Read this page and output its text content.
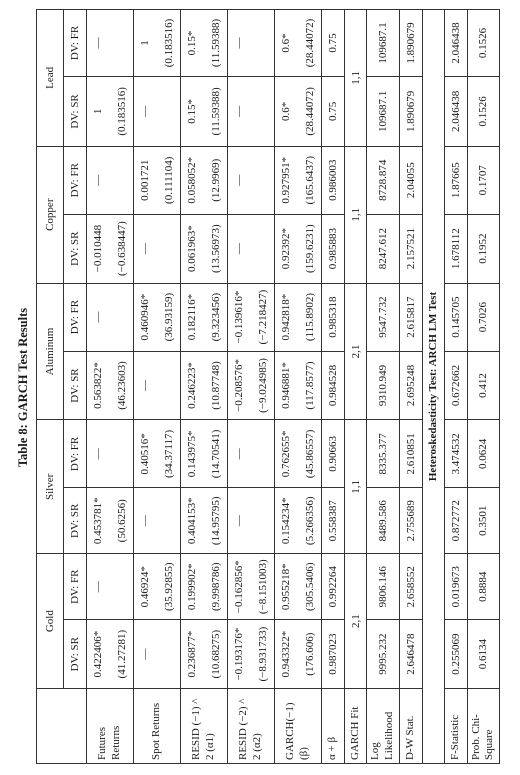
Table 8: GARCH Test Results
	Gold		Silver		Aluminum		Copper		Lead	
	DV: SR	DV: FR	DV: SR	DV: FR	DV: SR	DV: FR	DV: SR	DV: FR	DV: SR	DV: FR
Futures Returns	0.422406*	—	0.453781*	—	0.563822*	—	−0.010448	—	1	—
	(41.27281)		(50.6256)		(46.23603)		(−0.638447)		(0.183516)	
Spot Returns	—	0.46924*	—	0.40516*	—	0.460946*	—	0.001721	—	1
		(35.92855)		(34.37117)		(36.93159)		(0.111104)		(0.183516)
RESID (−1) ^ 2 (α1)	0.236877*	0.199902*	0.404153*	0.143975*	0.246223*	0.182116*	0.061963*	0.058052*	0.15*	0.15*
	(10.68275)	(9.998786)	(14.95795)	(14.70541)	(10.87748)	(9.323456)	(13.56973)	(12.9969)	(11.59388)	(11.59388)
RESID (−2) ^ 2 (α2)	−0.193176*	−0.162856*	—	—	−0.208576*	−0.139616*	—	—	—	—
	(−8.931733)	(−8.151003)			(−9.024985)	(−7.218427)				
GARCH(−1) (β)	0.943322*	0.955218*	0.154234*	0.762655*	0.946881*	0.942818*	0.92392*	0.927951*	0.6*	0.6*
	(176.606)	(305.5406)	(5.266356)	(45.86557)	(117.8577)	(115.8902)	(159.6231)	(165.6437)	(28.44072)	(28.44072)
α + β	0.987023	0.992264	0.558387	0.90663	0.984528	0.985318	0.985883	0.986003	0.75	0.75
GARCH Fit	2,1		1,1		2,1		1,1		1,1	
Log Likelihood	9995.232	9806.146	8489.586	8335.377	9310.949	9547.732	8247.612	8728.874	109687.1	109687.1
D-W Stat.	2.646478	2.658552	2.755689	2.610851	2.695248	2.615817	2.157521	2.04055	1.890679	1.890679
Heteroskedasticity Test: ARCH LM Test										
F-Statistic	0.255069	0.019673	0.872772	3.474532	0.672662	0.145705	1.678112	1.87665	2.046438	2.046438
Prob. Chi-Square	0.6134	0.8884	0.3501	0.0624	0.412	0.7026	0.1952	0.1707	0.1526	0.1526
